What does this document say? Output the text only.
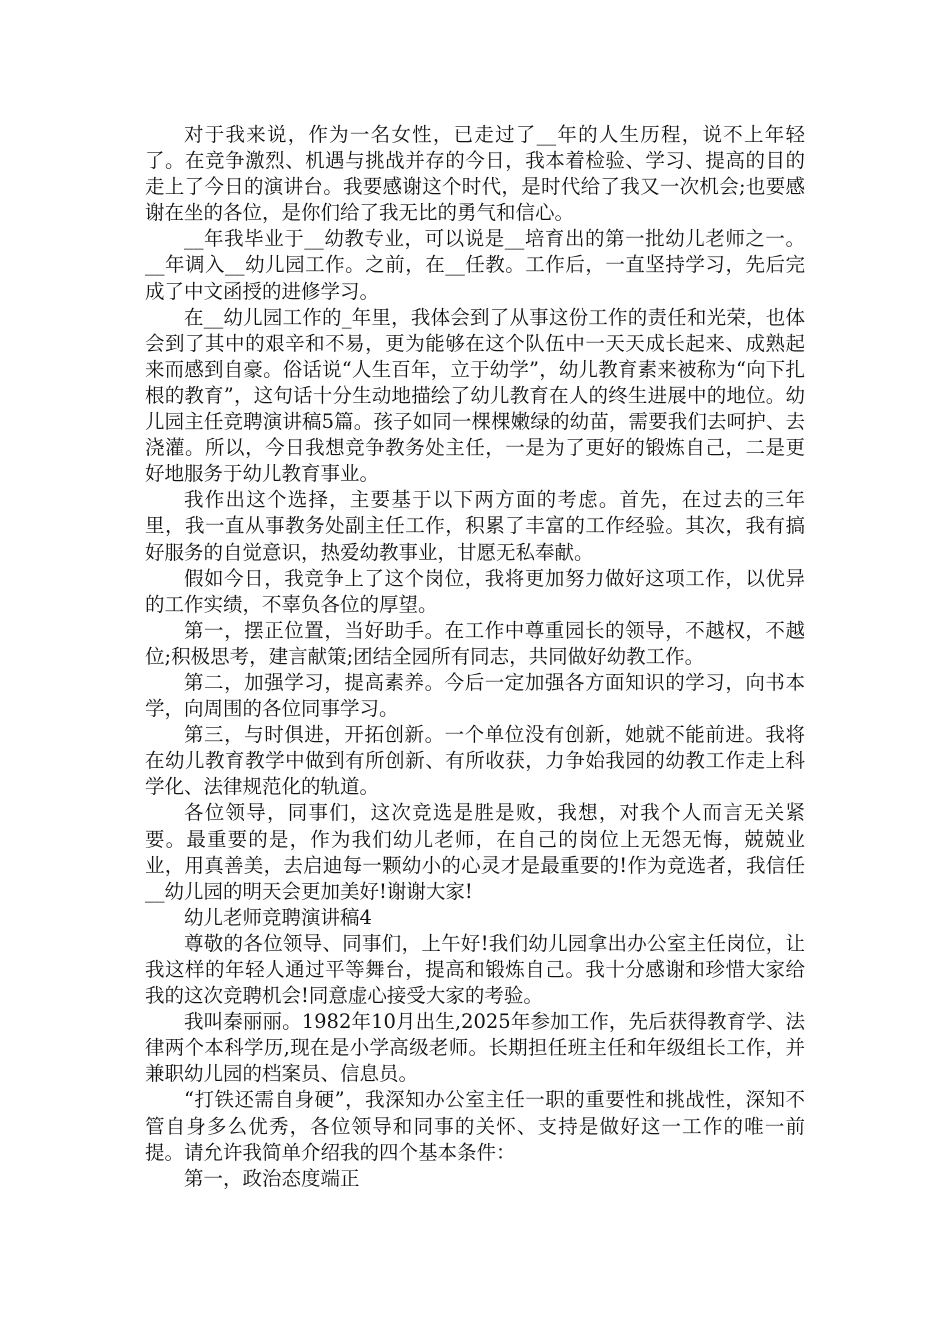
对于我来说，作为一名女性，已走过了__年的人生历程，说不上年轻了。在竞争激烈、机遇与挑战并存的今日，我本着检验、学习、提高的目的走上了今日的演讲台。我要感谢这个时代，是时代给了我又一次机会;也要感谢在坐的各位，是你们给了我无比的勇气和信心。

__年我毕业于__幼教专业，可以说是__培育出的第一批幼儿老师之一。__年调入__幼儿园工作。之前，在__任教。工作后，一直坚持学习，先后完成了中文函授的进修学习。

在__幼儿园工作的_年里，我体会到了从事这份工作的责任和光荣，也体会到了其中的艰辛和不易，更为能够在这个队伍中一天天成长起来、成熟起来而感到自豪。俗话说“人生百年，立于幼学”，幼儿教育素来被称为“向下扎根的教育”，这句话十分生动地描绘了幼儿教育在人的终生进展中的地位。幼儿园主任竞聘演讲稿5篇。孩子如同一棵棵嫩绿的幼苗，需要我们去呵护、去浇灌。所以，今日我想竞争教务处主任，一是为了更好的锻炼自己，二是更好地服务于幼儿教育事业。

我作出这个选择，主要基于以下两方面的考虑。首先，在过去的三年里，我一直从事教务处副主任工作，积累了丰富的工作经验。其次，我有搞好服务的自觉意识，热爱幼教事业，甘愿无私奉献。

假如今日，我竞争上了这个岗位，我将更加努力做好这项工作，以优异的工作实绩，不辜负各位的厚望。

第一，摆正位置，当好助手。在工作中尊重园长的领导，不越权，不越位;积极思考，建言献策;团结全园所有同志，共同做好幼教工作。

第二，加强学习，提高素养。今后一定加强各方面知识的学习，向书本学，向周围的各位同事学习。

第三，与时俱进，开拓创新。一个单位没有创新，她就不能前进。我将在幼儿教育教学中做到有所创新、有所收获，力争始我园的幼教工作走上科学化、法律规范化的轨道。

各位领导，同事们，这次竞选是胜是败，我想，对我个人而言无关紧要。最重要的是，作为我们幼儿老师，在自己的岗位上无怨无悔，兢兢业业，用真善美，去启迪每一颗幼小的心灵才是最重要的!作为竞选者，我信任__幼儿园的明天会更加美好!谢谢大家!

幼儿老师竞聘演讲稿4

尊敬的各位领导、同事们，上午好!我们幼儿园拿出办公室主任岗位，让我这样的年轻人通过平等舞台，提高和锻炼自己。我十分感谢和珍惜大家给我的这次竞聘机会!同意虚心接受大家的考验。

我叫秦丽丽。1982年10月出生,2025年参加工作，先后获得教育学、法律两个本科学历,现在是小学高级老师。长期担任班主任和年级组长工作，并兼职幼儿园的档案员、信息员。

“打铁还需自身硬”，我深知办公室主任一职的重要性和挑战性，深知不管自身多么优秀，各位领导和同事的关怀、支持是做好这一工作的唯一前提。请允许我简单介绍我的四个基本条件：

第一，政治态度端正
